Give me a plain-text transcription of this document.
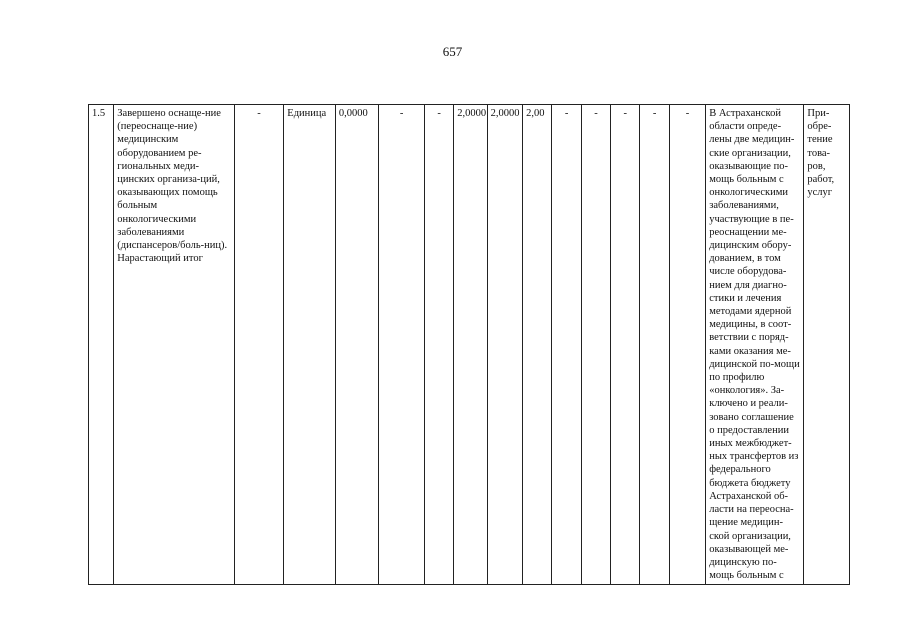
657
1.5	Завершено оснаще-ние (переоснаще-ние) медицинским оборудованием ре-гиональных меди-цинских организа-ций, оказывающих помощь больным онкологическими заболеваниями (диспансеров/боль-ниц). Нарастающий итог	-	Единица	0,0000	-	-	2,0000	2,0000	2,00	-	-	-	-	-	В Астраханской области опреде-лены две медицин-ские организации, оказывающие по-мощь больным с онкологическими заболеваниями, участвующие в пе-реоснащении ме-дицинским обору-дованием, в том числе оборудова-нием для диагно-стики и лечения методами ядерной медицины, в соот-ветствии с поряд-ками оказания ме-дицинской по-мощи по профилю «онкология». За-ключено и реали-зовано соглашение о предоставлении иных межбюджет-ных трансфертов из федерального бюджета бюджету Астраханской об-ласти на переосна-щение медицин-ской организации, оказывающей ме-дицинскую по-мощь больным с	При-обре-тение това-ров, работ, услуг
